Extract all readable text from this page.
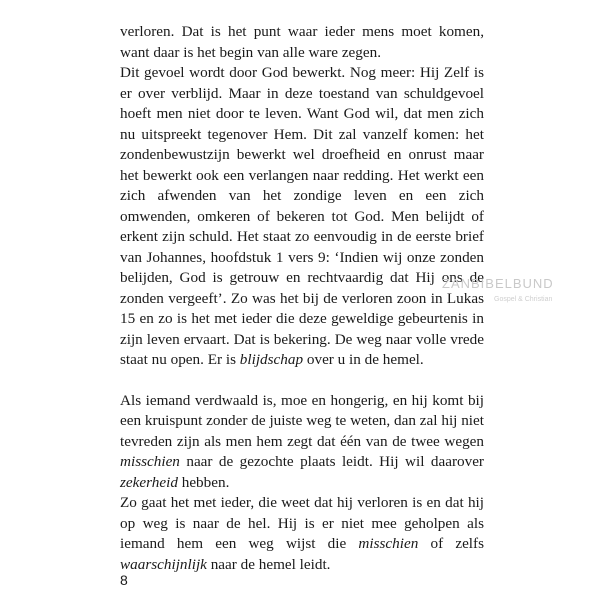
verloren. Dat is het punt waar ieder mens moet komen, want daar is het begin van alle ware zegen.

Dit gevoel wordt door God bewerkt. Nog meer: Hij Zelf is er over verblijd. Maar in deze toestand van schuldgevoel hoeft men niet door te leven. Want God wil, dat men zich nu uitspreekt tegenover Hem. Dit zal vanzelf komen: het zondenbewustzijn bewerkt wel droefheid en onrust maar het bewerkt ook een verlangen naar redding. Het werkt een zich afwenden van het zondige leven en een zich omwenden, omkeren of bekeren tot God. Men belijdt of erkent zijn schuld. Het staat zo eenvoudig in de eerste brief van Johannes, hoofdstuk 1 vers 9: ‘Indien wij onze zonden belijden, God is getrouw en rechtvaardig dat Hij ons de zonden vergeeft’. Zo was het bij de verloren zoon in Lukas 15 en zo is het met ieder die deze geweldige gebeurtenis in zijn leven ervaart. Dat is bekering. De weg naar volle vrede staat nu open. Er is blijdschap over u in de hemel.

Als iemand verdwaald is, moe en hongerig, en hij komt bij een kruispunt zonder de juiste weg te weten, dan zal hij niet tevreden zijn als men hem zegt dat één van de twee wegen misschien naar de gezochte plaats leidt. Hij wil daarover zekerheid hebben.

Zo gaat het met ieder, die weet dat hij verloren is en dat hij op weg is naar de hel. Hij is er niet mee geholpen als iemand hem een weg wijst die misschien of zelfs waarschijnlijk naar de hemel leidt.

8
ZANBIBELBUND
Gospel & Christian
